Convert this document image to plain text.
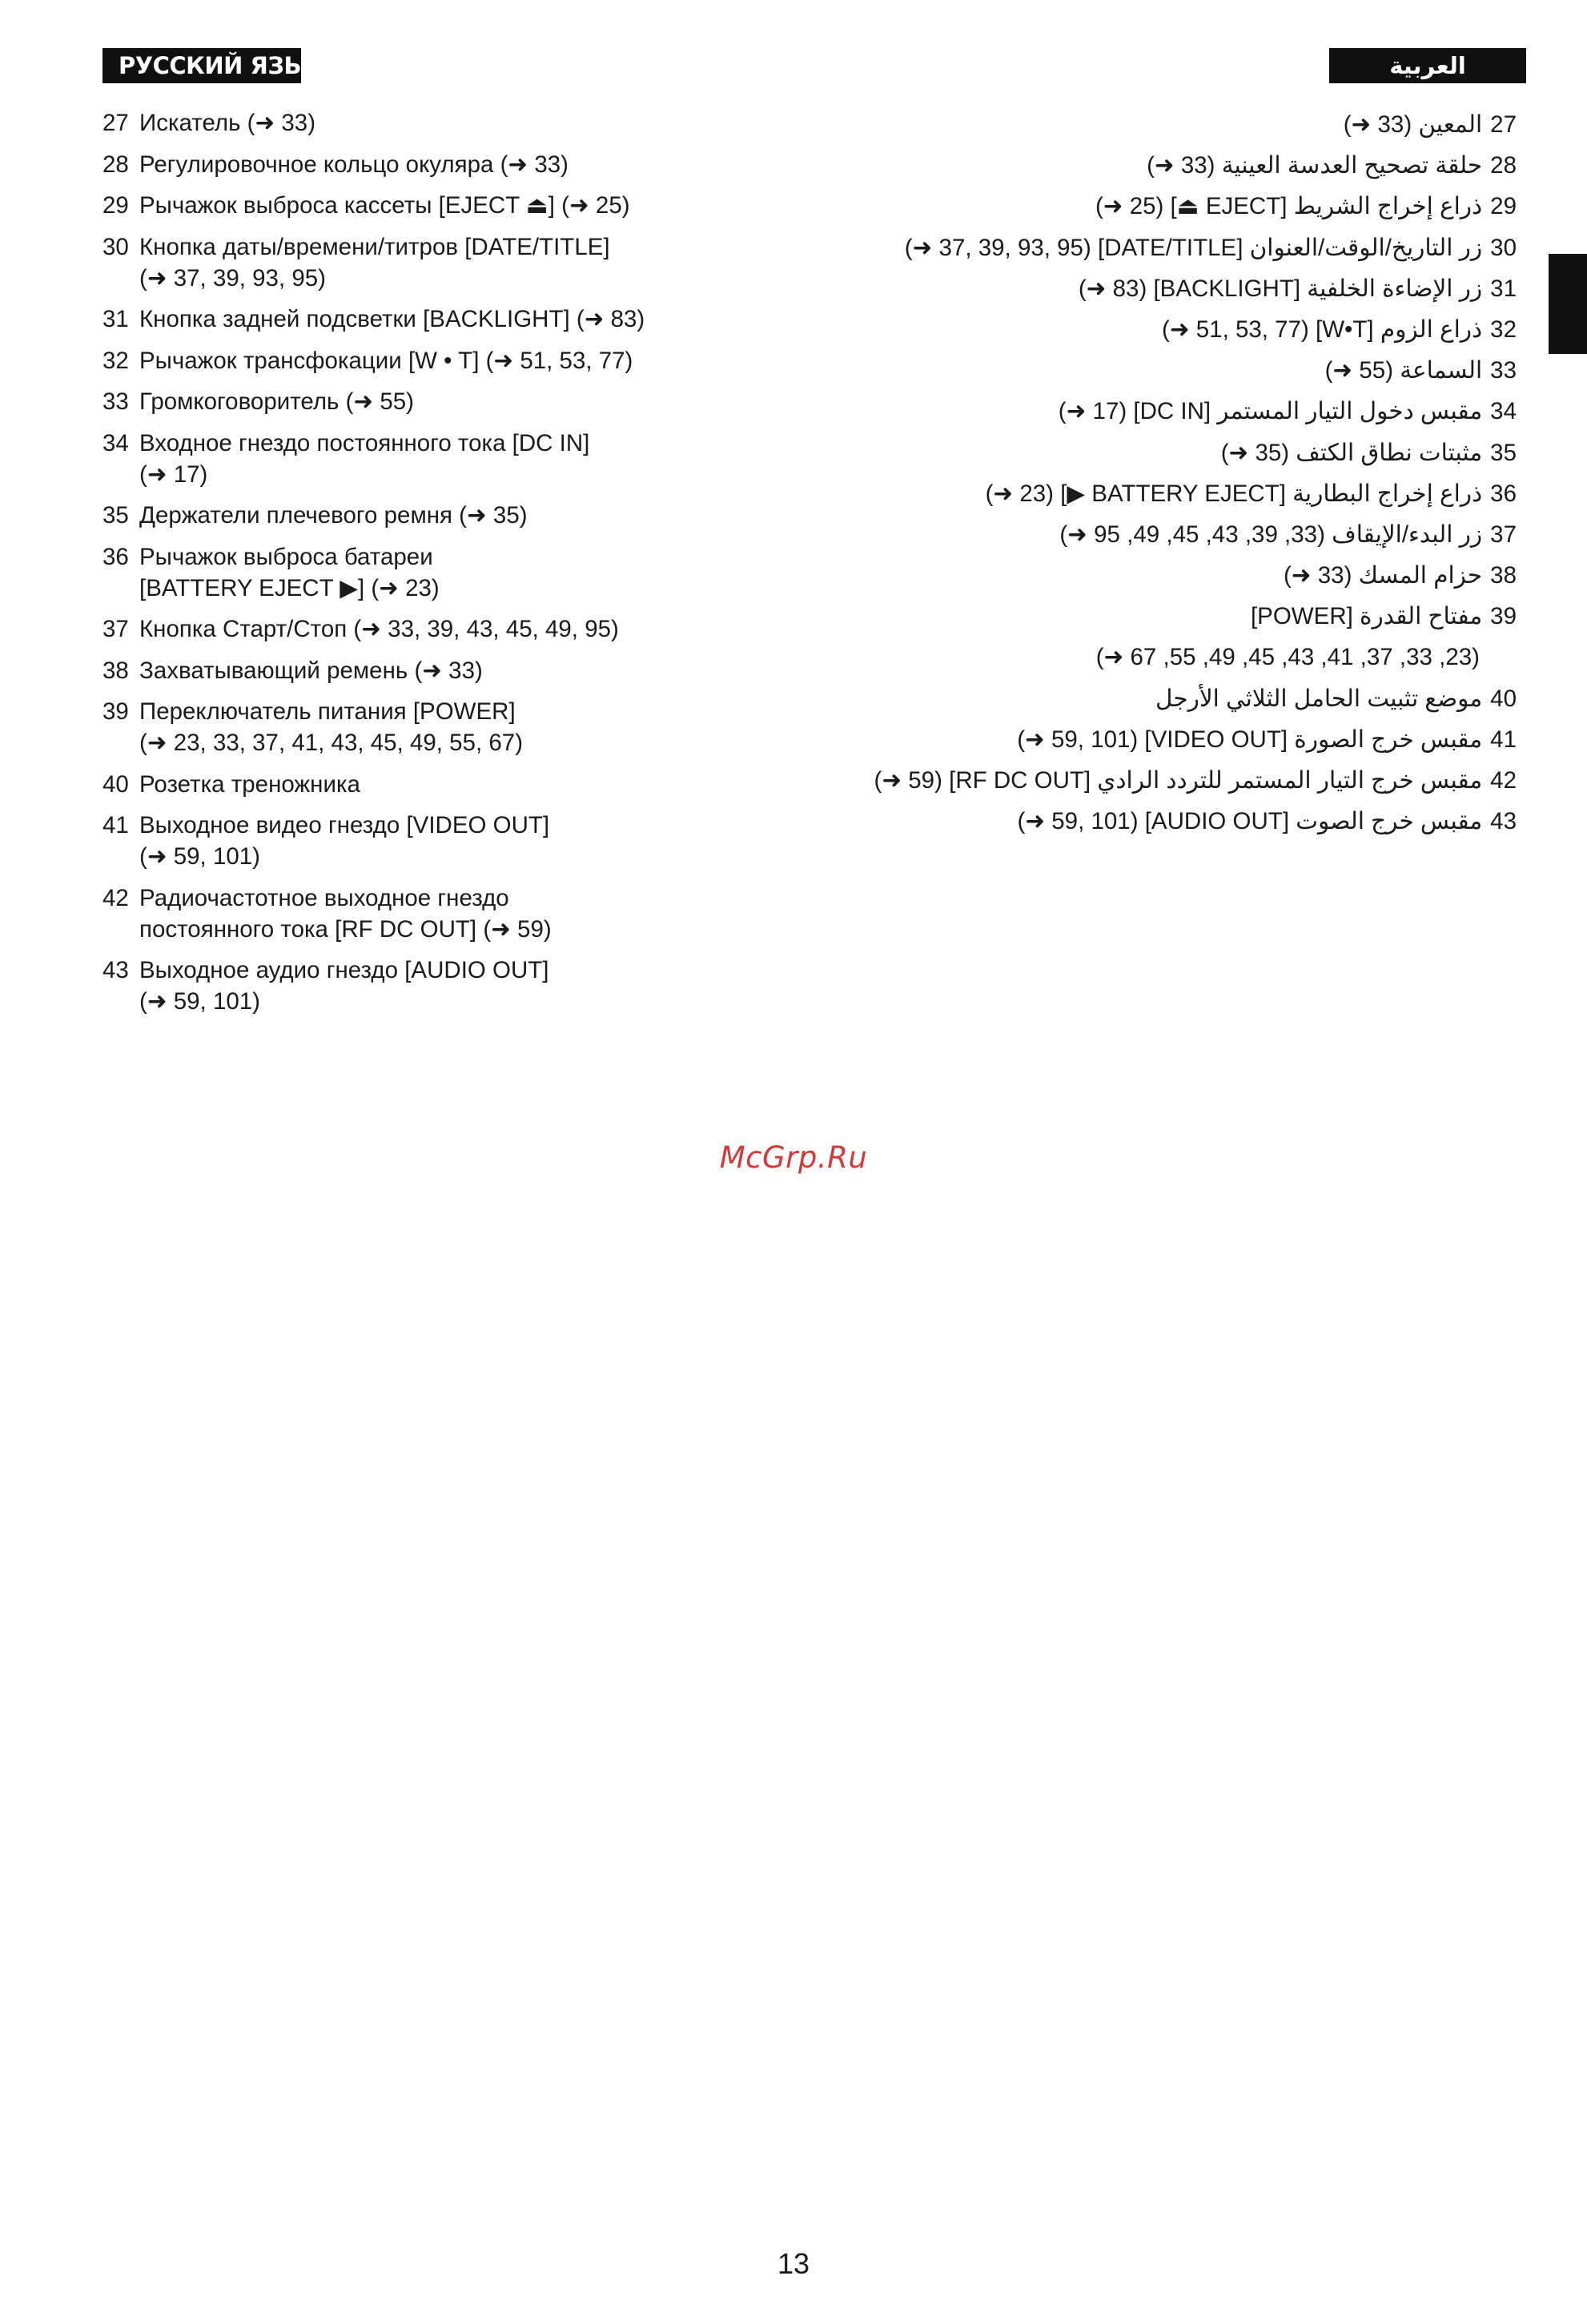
РУССКИЙ ЯЗЫК	العربية
27 Искатель (➜ 33)
28 Регулировочное кольцо окуляра (➜ 33)
29 Рычажок выброса кассеты [EJECT ⏏] (➜ 25)
30 Кнопка даты/времени/титров [DATE/TITLE]
(➜ 37, 39, 93, 95)
31 Кнопка задней подсветки [BACKLIGHT] (➜ 83)
32 Рычажок трансфокации [W • T] (➜ 51, 53, 77)
33 Громкоговоритель (➜ 55)
34 Входное гнездо постоянного тока [DC IN]
(➜ 17)
35 Держатели плечевого ремня (➜ 35)
36 Рычажок выброса батареи
[BATTERY EJECT ▶] (➜ 23)
37 Кнопка Старт/Стоп (➜ 33, 39, 43, 45, 49, 95)
38 Захватывающий ремень (➜ 33)
39 Переключатель питания [POWER]
(➜ 23, 33, 37, 41, 43, 45, 49, 55, 67)
40 Розетка треножника
41 Выходное видео гнездо [VIDEO OUT]
(➜ 59, 101)
42 Радиочастотное выходное гнездо
постоянного тока [RF DC OUT] (➜ 59)
43 Выходное аудио гнездо [AUDIO OUT]
(➜ 59, 101)
المعين (33 ➜) 27
حلقة تصحيح العدسة العينية (33 ➜) 28
ذراع إخراج الشريط [EJECT ⏏] (25 ➜) 29
زر التاريخ/الوقت/العنوان [DATE/TITLE] (37, 39, 93, 95 ➜) 30
زر الإضاءة الخلفية [BACKLIGHT] (83 ➜) 31
ذراع الزوم [W•T] (51, 53, 77 ➜) 32
السماعة (55 ➜) 33
مقبس دخول التيار المستمر [DC IN] (17 ➜) 34
مثبتات نطاق الكتف (35 ➜) 35
ذراع إخراج البطارية [BATTERY EJECT ▶] (23 ➜) 36
زر البدء/الإيقاف (33, 39, 43, 45, 49, 95 ➜) 37
حزام المسك (33 ➜) 38
مفتاح القدرة [POWER] 39
(23, 33, 37, 41, 43, 45, 49, 55, 67 ➜)
موضع تثبيت الحامل الثلاثي الأرجل 40
مقبس خرج الصورة [VIDEO OUT] (59, 101 ➜) 41
مقبس خرج التيار المستمر للتردد الرادي [RF DC OUT] (59 ➜) 42
مقبس خرج الصوت [AUDIO OUT] (59, 101 ➜) 43
McGrp.Ru
13
